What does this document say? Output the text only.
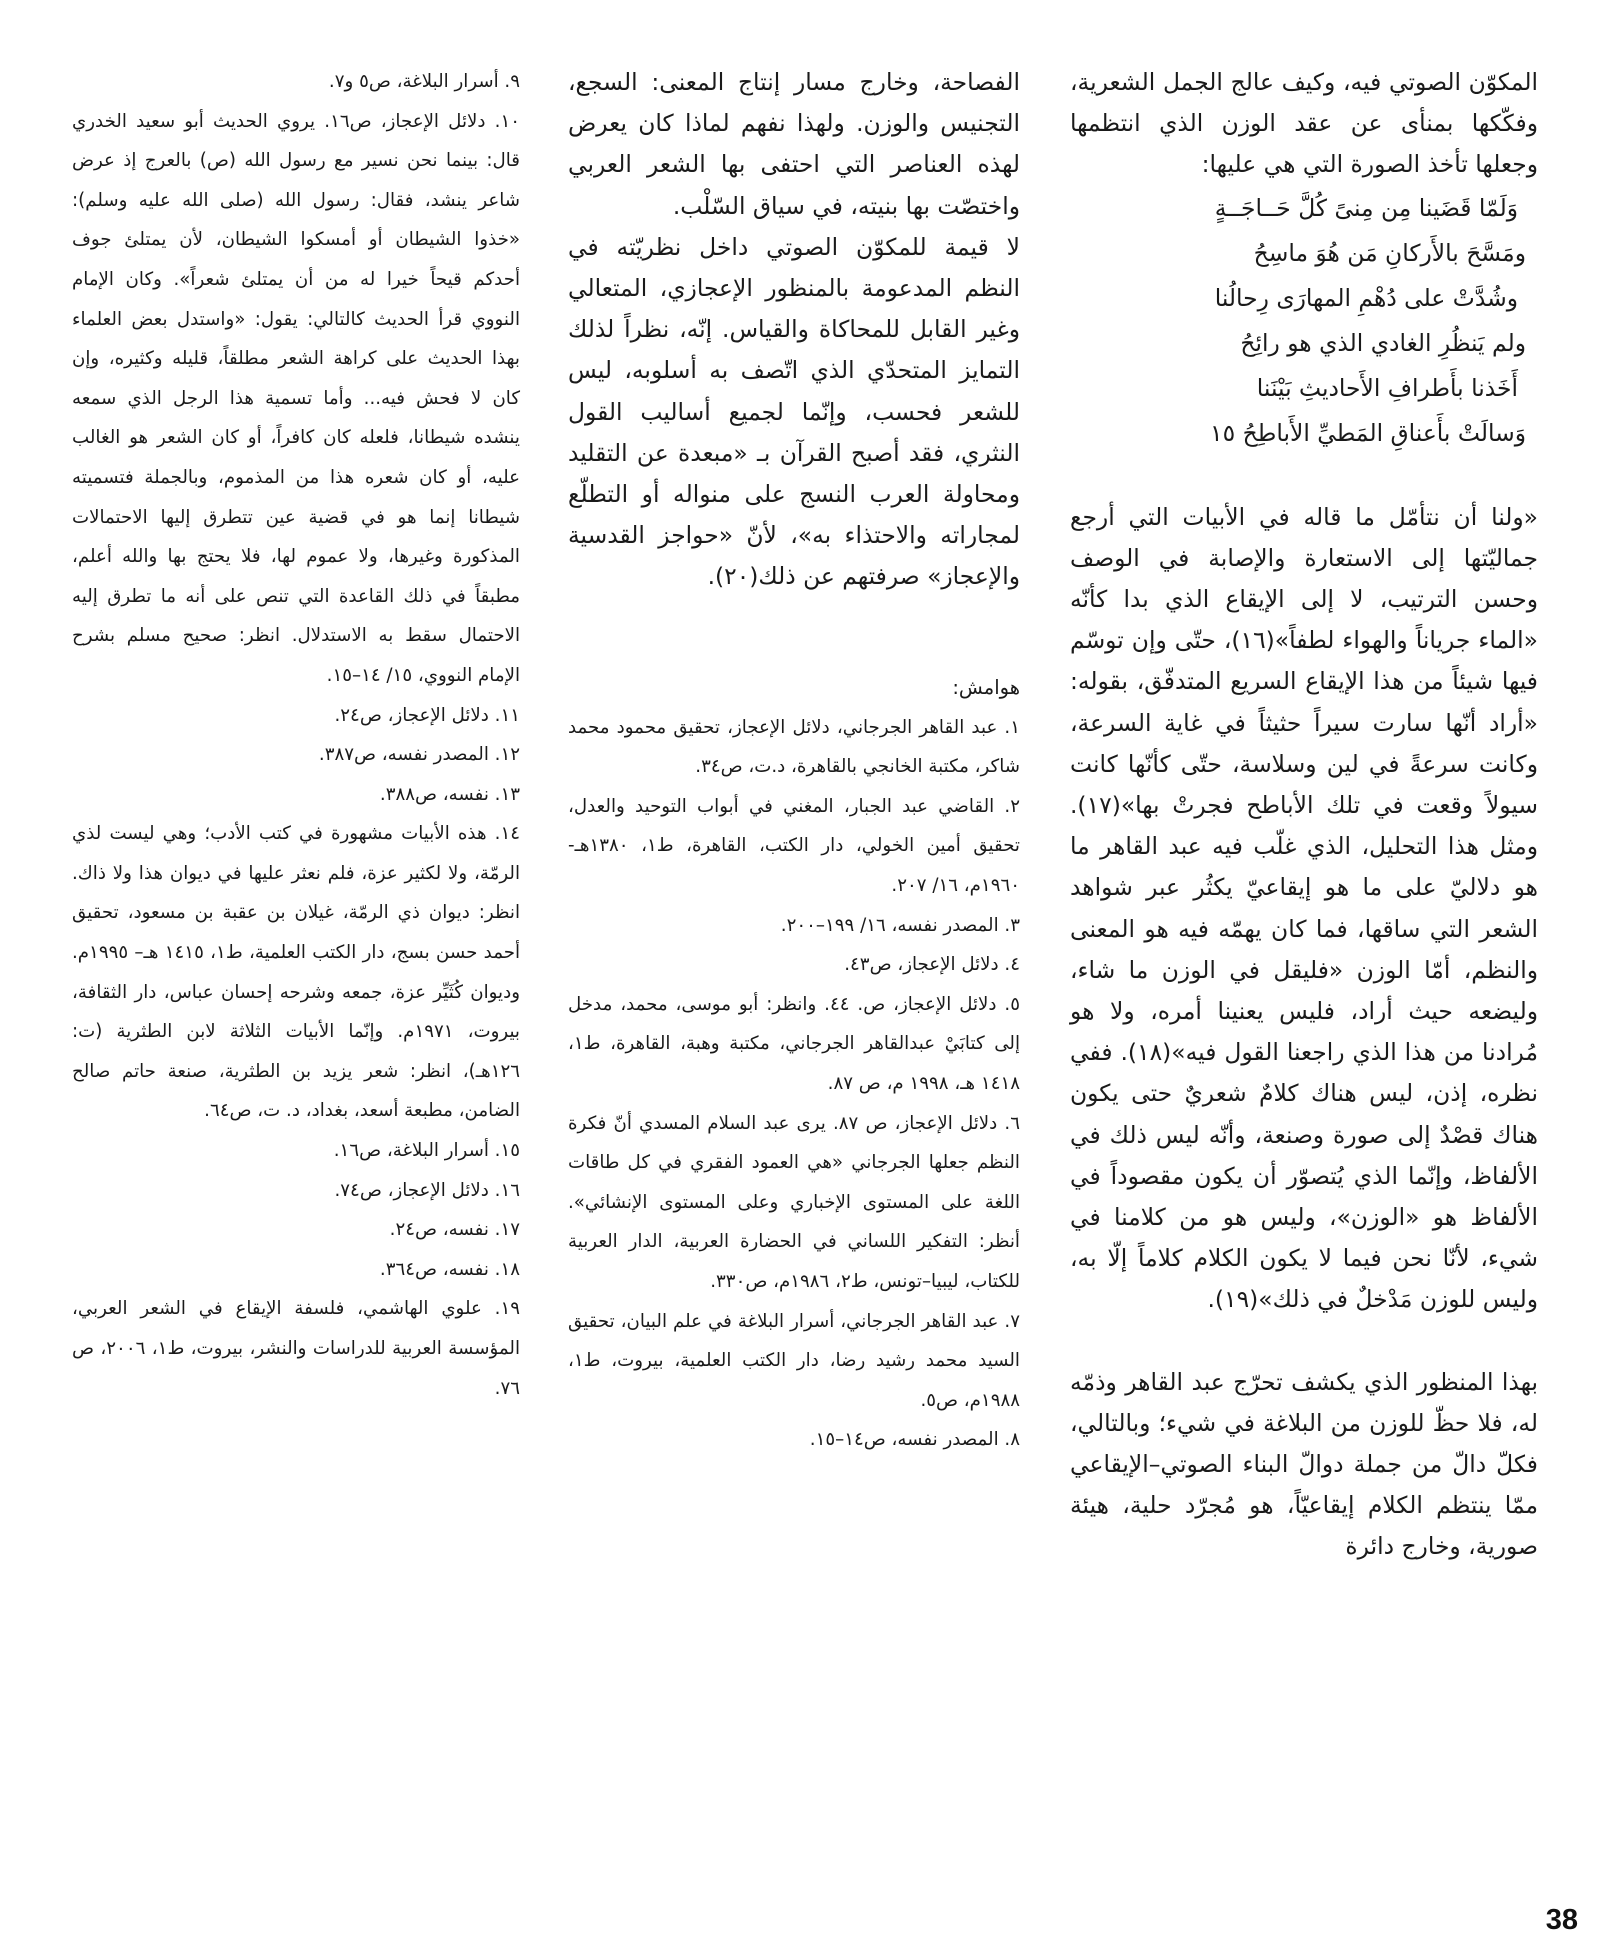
المكوّن الصوتي فيه، وكيف عالج الجمل الشعرية، وفكّكها بمنأى عن عقد الوزن الذي انتظمها وجعلها تأخذ الصورة التي هي عليها:

وَلَمّا قَضَينا مِن مِنىً كُلَّ حَــاجَــةٍ

ومَسَّحَ بالأَركانِ مَن هُوَ ماسِحُ

وشُدَّتْ على دُهْمِ المهارَى رِحالُنا

ولم يَنظُرِ الغادي الذي هو رائِحُ

أَخَذنا بأَطرافِ الأَحاديثِ بَيْنَنا

وَسالَتْ بأَعناقِ المَطيِّ الأَباطِحُ ١٥

«ولنا أن نتأمّل ما قاله في الأبيات التي أرجع جماليّتها إلى الاستعارة والإصابة في الوصف وحسن الترتيب، لا إلى الإيقاع الذي بدا كأنّه «الماء جرياناً والهواء لطفاً»(١٦)، حتّى وإن توسّم فيها شيئاً من هذا الإيقاع السريع المتدفّق، بقوله: «أراد أنّها سارت سيراً حثيثاً في غاية السرعة، وكانت سرعةً في لين وسلاسة، حتّى كأنّها كانت سيولاً وقعت في تلك الأباطح فجرتْ بها»(١٧). ومثل هذا التحليل، الذي غلّب فيه عبد القاهر ما هو دلاليّ على ما هو إيقاعيّ يكثُر عبر شواهد الشعر التي ساقها، فما كان يهمّه فيه هو المعنى والنظم، أمّا الوزن «فليقل في الوزن ما شاء، وليضعه حيث أراد، فليس يعنينا أمره، ولا هو مُرادنا من هذا الذي راجعنا القول فيه»(١٨). ففي نظره، إذن، ليس هناك كلامٌ شعريٌ حتى يكون هناك قصْدٌ إلى صورة وصنعة، وأنّه ليس ذلك في الألفاظ، وإنّما الذي يُتصوّر أن يكون مقصوداً في الألفاظ هو «الوزن»، وليس هو من كلامنا في شيء، لأنّا نحن فيما لا يكون الكلام كلاماً إلّا به، وليس للوزن مَدْخلٌ في ذلك»(١٩).

بهذا المنظور الذي يكشف تحرّج عبد القاهر وذمّه له، فلا حظّ للوزن من البلاغة في شيء؛ وبالتالي، فكلّ دالّ من جملة دوالّ البناء الصوتي–الإيقاعي ممّا ينتظم الكلام إيقاعيّاً، هو مُجرّد حلية، هيئة صورية، وخارج دائرة

الفصاحة، وخارج مسار إنتاج المعنى: السجع، التجنيس والوزن. ولهذا نفهم لماذا كان يعرض لهذه العناصر التي احتفى بها الشعر العربي واختصّت بها بنيته، في سياق السّلْب.

لا قيمة للمكوّن الصوتي داخل نظريّته في النظم المدعومة بالمنظور الإعجازي، المتعالي وغير القابل للمحاكاة والقياس. إنّه، نظراً لذلك التمايز المتحدّي الذي اتّصف به أسلوبه، ليس للشعر فحسب، وإنّما لجميع أساليب القول النثري، فقد أصبح القرآن بـ «مبعدة عن التقليد ومحاولة العرب النسج على منواله أو التطلّع لمجاراته والاحتذاء به»، لأنّ «حواجز القدسية والإعجاز» صرفتهم عن ذلك(٢٠).

هوامش:

١. عبد القاهر الجرجاني، دلائل الإعجاز، تحقيق محمود محمد شاكر، مكتبة الخانجي بالقاهرة، د.ت، ص٣٤.

٢. القاضي عبد الجبار، المغني في أبواب التوحيد والعدل، تحقيق أمين الخولي، دار الكتب، القاهرة، ط١، ١٣٨٠هـ- ١٩٦٠م، ١٦/ ٢٠٧.

٣. المصدر نفسه، ١٦/ ١٩٩–٢٠٠.

٤. دلائل الإعجاز، ص٤٣.

٥. دلائل الإعجاز، ص. ٤٤. وانظر: أبو موسى، محمد، مدخل إلى كتابَيْ عبدالقاهر الجرجاني، مكتبة وهبة، القاهرة، ط١، ١٤١٨ هـ، ١٩٩٨ م، ص ٨٧.

٦. دلائل الإعجاز، ص ٨٧. يرى عبد السلام المسدي أنّ فكرة النظم جعلها الجرجاني «هي العمود الفقري في كل طاقات اللغة على المستوى الإخباري وعلى المستوى الإنشائي». أنظر: التفكير اللساني في الحضارة العربية، الدار العربية للكتاب، ليبيا–تونس، ط٢، ١٩٨٦م، ص٣٣٠.

٧. عبد القاهر الجرجاني، أسرار البلاغة في علم البيان، تحقيق السيد محمد رشيد رضا، دار الكتب العلمية، بيروت، ط١، ١٩٨٨م، ص٥.

٨. المصدر نفسه، ص١٤–١٥.

٩. أسرار البلاغة، ص٥ و٧.

١٠. دلائل الإعجاز، ص١٦. يروي الحديث أبو سعيد الخدري قال: بينما نحن نسير مع رسول الله (ص) بالعرج إذ عرض شاعر ينشد، فقال: رسول الله (صلى الله عليه وسلم): «خذوا الشيطان أو أمسكوا الشيطان، لأن يمتلئ جوف أحدكم قيحاً خيرا له من أن يمتلئ شعراً». وكان الإمام النووي قرأ الحديث كالتالي: يقول: «واستدل بعض العلماء بهذا الحديث على كراهة الشعر مطلقاً، قليله وكثيره، وإن كان لا فحش فيه... وأما تسمية هذا الرجل الذي سمعه ينشده شيطانا، فلعله كان كافراً، أو كان الشعر هو الغالب عليه، أو كان شعره هذا من المذموم، وبالجملة فتسميته شيطانا إنما هو في قضية عين تتطرق إليها الاحتمالات المذكورة وغيرها، ولا عموم لها، فلا يحتج بها والله أعلم، مطبقاً في ذلك القاعدة التي تنص على أنه ما تطرق إليه الاحتمال سقط به الاستدلال. انظر: صحيح مسلم بشرح الإمام النووي، ١٥/ ١٤–١٥.

١١. دلائل الإعجاز، ص٢٤.

١٢. المصدر نفسه، ص٣٨٧.

١٣. نفسه، ص٣٨٨.

١٤. هذه الأبيات مشهورة في كتب الأدب؛ وهي ليست لذي الرمّة، ولا لكثير عزة، فلم نعثر عليها في ديوان هذا ولا ذاك. انظر: ديوان ذي الرمّة، غيلان بن عقبة بن مسعود، تحقيق أحمد حسن بسج، دار الكتب العلمية، ط١، ١٤١٥ هـ– ١٩٩٥م. وديوان كُثَيِّر عزة، جمعه وشرحه إحسان عباس، دار الثقافة، بيروت، ١٩٧١م. وإنّما الأبيات الثلاثة لابن الطثرية (ت: ١٢٦هـ)، انظر: شعر يزيد بن الطثرية، صنعة حاتم صالح الضامن، مطبعة أسعد، بغداد، د. ت، ص٦٤.

١٥. أسرار البلاغة، ص١٦.

١٦. دلائل الإعجاز، ص٧٤.

١٧. نفسه، ص٢٤.

١٨. نفسه، ص٣٦٤.

١٩. علوي الهاشمي، فلسفة الإيقاع في الشعر العربي، المؤسسة العربية للدراسات والنشر، بيروت، ط١، ٢٠٠٦، ص ٧٦.

38
